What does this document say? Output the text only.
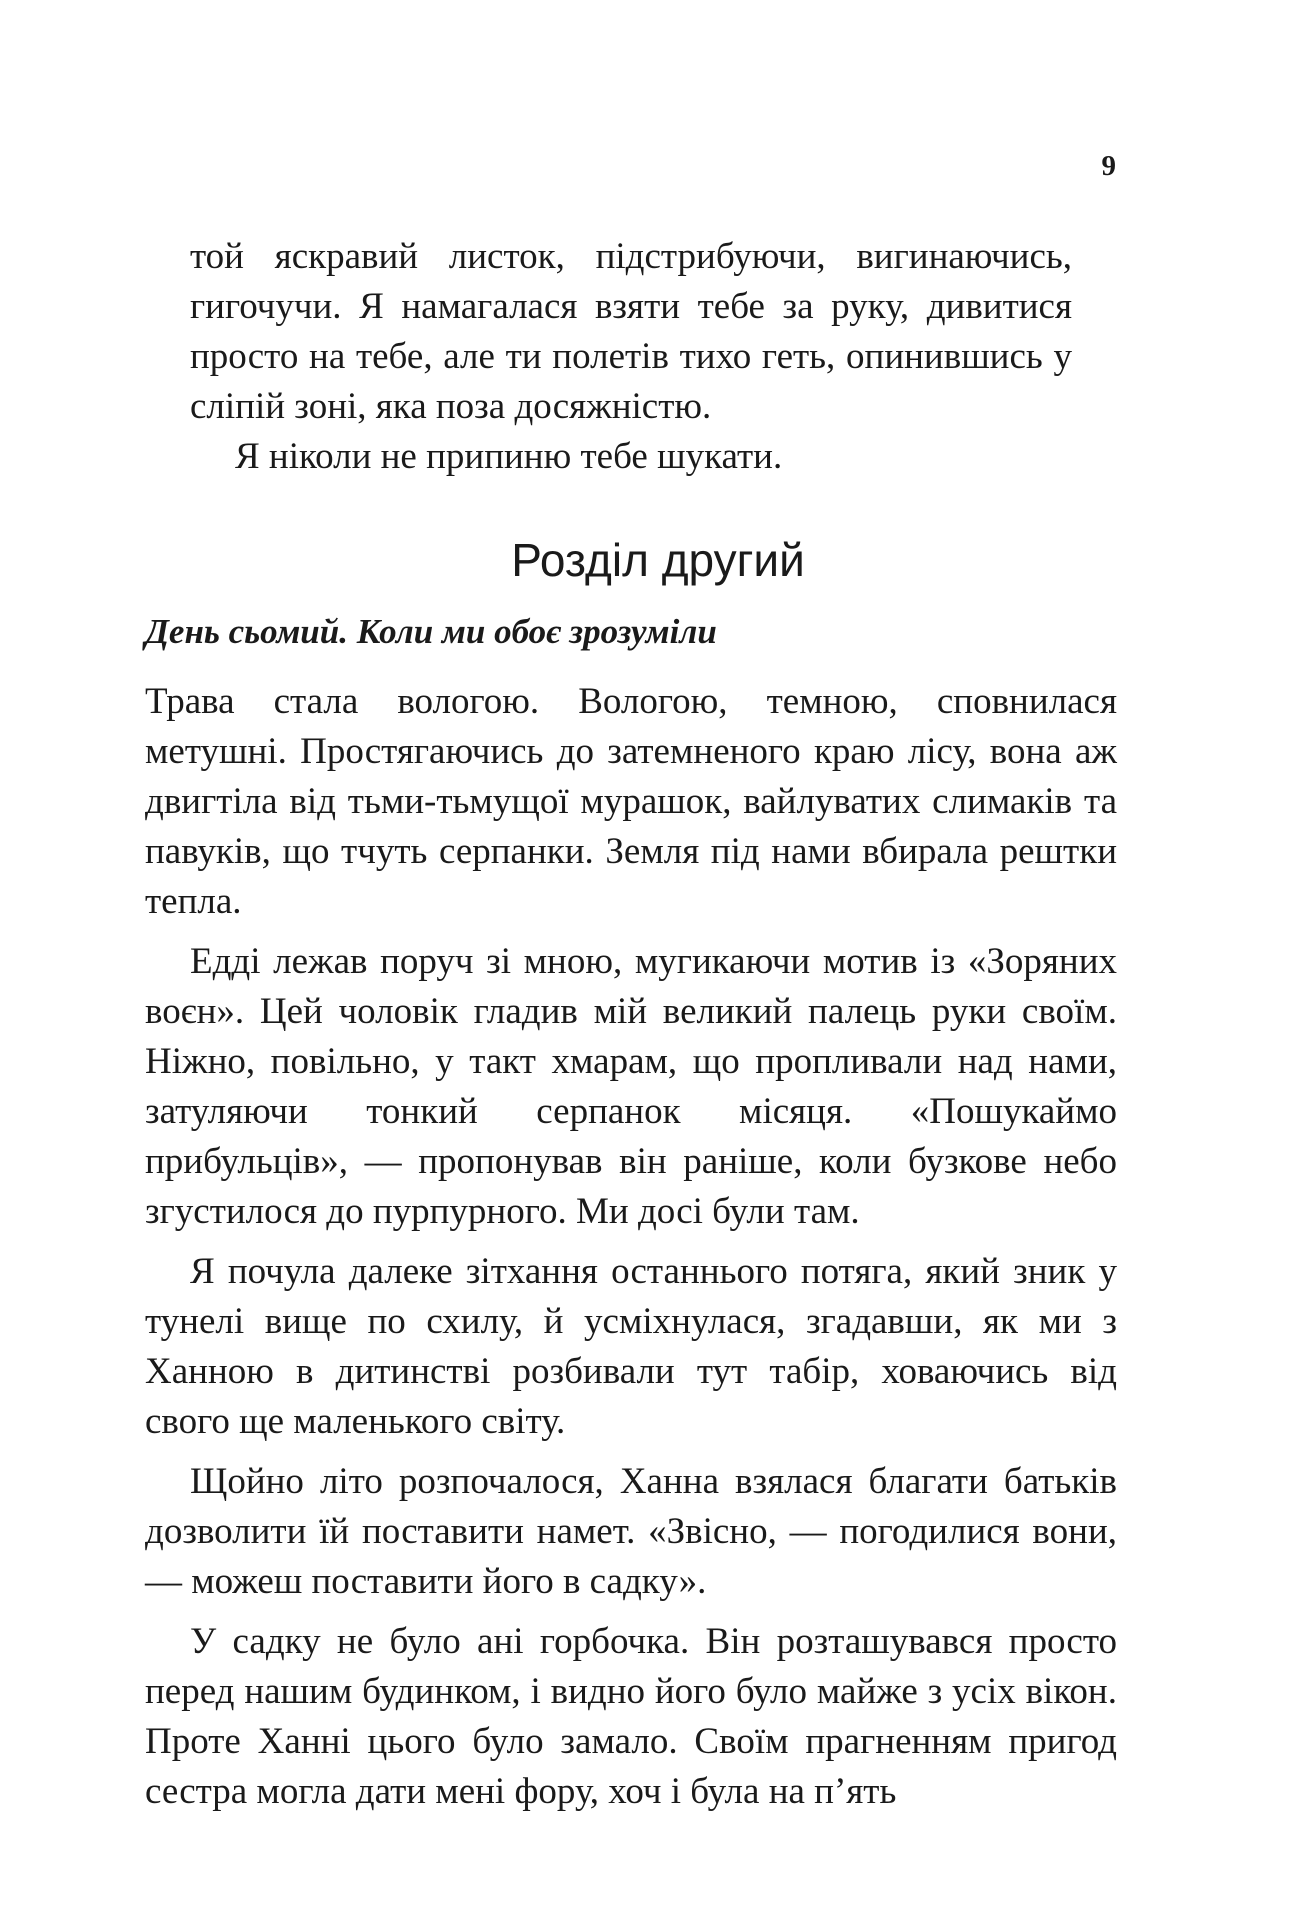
9

той яскравий листок, підстрибуючи, вигинаючись, гигочучи. Я намагалася взяти тебе за руку, дивитися просто на тебе, але ти полетів тихо геть, опинившись у сліпій зоні, яка поза досяжністю.

Я ніколи не припиню тебе шукати.

Розділ другий
День сьомий. Коли ми обоє зрозуміли

Трава стала вологою. Вологою, темною, сповнилася метушні. Простягаючись до затемненого краю лісу, вона аж двигтіла від тьми-тьмущої мурашок, вайлуватих слимаків та павуків, що тчуть серпанки. Земля під нами вбирала рештки тепла.

Едді лежав поруч зі мною, мугикаючи мотив із «Зоряних воєн». Цей чоловік гладив мій великий палець руки своїм. Ніжно, повільно, у такт хмарам, що пропливали над нами, затуляючи тонкий серпанок місяця. «Пошукаймо прибульців», — пропонував він раніше, коли бузкове небо згустилося до пурпурного. Ми досі були там.

Я почула далеке зітхання останнього потяга, який зник у тунелі вище по схилу, й усміхнулася, згадавши, як ми з Ханною в дитинстві розбивали тут табір, ховаючись від свого ще маленького світу.

Щойно літо розпочалося, Ханна взялася благати батьків дозволити їй поставити намет. «Звісно, — погодилися вони, — можеш поставити його в садку».

У садку не було ані горбочка. Він розташувався просто перед нашим будинком, і видно його було майже з усіх вікон. Проте Ханні цього було замало. Своїм прагненням пригод сестра могла дати мені фору, хоч і була на п’ять
